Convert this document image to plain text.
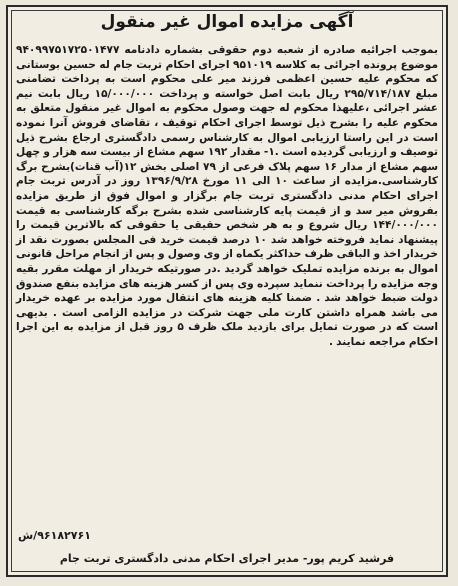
آگهی مزایده اموال غیر منقول

بموجب اجرائیه صادره از شعبه دوم حقوقی بشماره دادنامه ۹۴۰۹۹۷۵۱۷۲۵۰۱۴۷۷ موضوع پرونده اجرائی به کلاسه ۹۵۱۰۱۹ اجرای احکام تربت جام له حسین بوستانی که محکوم علیه حسین اعظمی فرزند میر علی محکوم است به پرداخت تضامنی مبلغ ۲۹۵/۷۱۴/۱۸۷ ریال بابت اصل خواسته و پرداخت ۱۵/۰۰۰/۰۰۰ ریال بابت نیم عشر اجرائی ،علیهذا محکوم له جهت وصول محکوم به اموال غیر منقول متعلق به محکوم علیه را بشرح ذیل توسط اجرای احکام توقیف ، تقاضای فروش آنرا نموده است در این راستا ارزیابی اموال به کارشناس رسمی دادگستری ارجاع بشرح ذیل توصیف و ارزیابی گردیده است .۱- مقدار ۱۹۲ سهم مشاع از بیست سه هزار و چهل سهم مشاع از مدار ۱۶ سهم پلاک فرعی از ۷۹ اصلی بخش ۱۲(آب قنات)بشرح برگ کارشناسی.مزایده از ساعت ۱۰ الی ۱۱ مورخ ۱۳۹۶/۹/۲۸ روز در آدرس تربت جام اجرای احکام مدنی دادگستری تربت جام برگزار و اموال فوق از طریق مزایده بفروش میر سد و از قیمت پایه کارشناسی شده بشرح برگه کارشناسی به قیمت ۱۴۴/۰۰۰/۰۰۰ ریال شروع و به هر شخص حقیقی یا حقوقی که بالاترین قیمت را پیشنهاد نماید فروخته خواهد شد ۱۰ درصد قیمت خرید فی المجلس بصورت نقد از خریدار اخذ و الباقی ظرف حداکثر یکماه از وی وصول و پس از انجام مراحل قانونی اموال به برنده مزایده تملیک خواهد گردید .در صورتیکه خریدار از مهلت مقرر بقیه وجه مزایده را پرداخت ننماید سپرده وی پس از کسر هزینه های مزایده بنفع صندوق دولت ضبط خواهد شد . ضمنا کلیه هزینه های انتقال مورد مزایده بر عهده خریدار می باشد همراه داشتن کارت ملی جهت شرکت در مزایده الزامی است . بدیهی است که در صورت تمایل برای بازدید ملک ظرف ۵ روز قبل از مزایده به این اجرا احکام مراجعه نمایند .

۹۶۱۸۲۷۶۱/ش
فرشید کریم پور- مدیر اجرای احکام مدنی دادگستری تربت جام
